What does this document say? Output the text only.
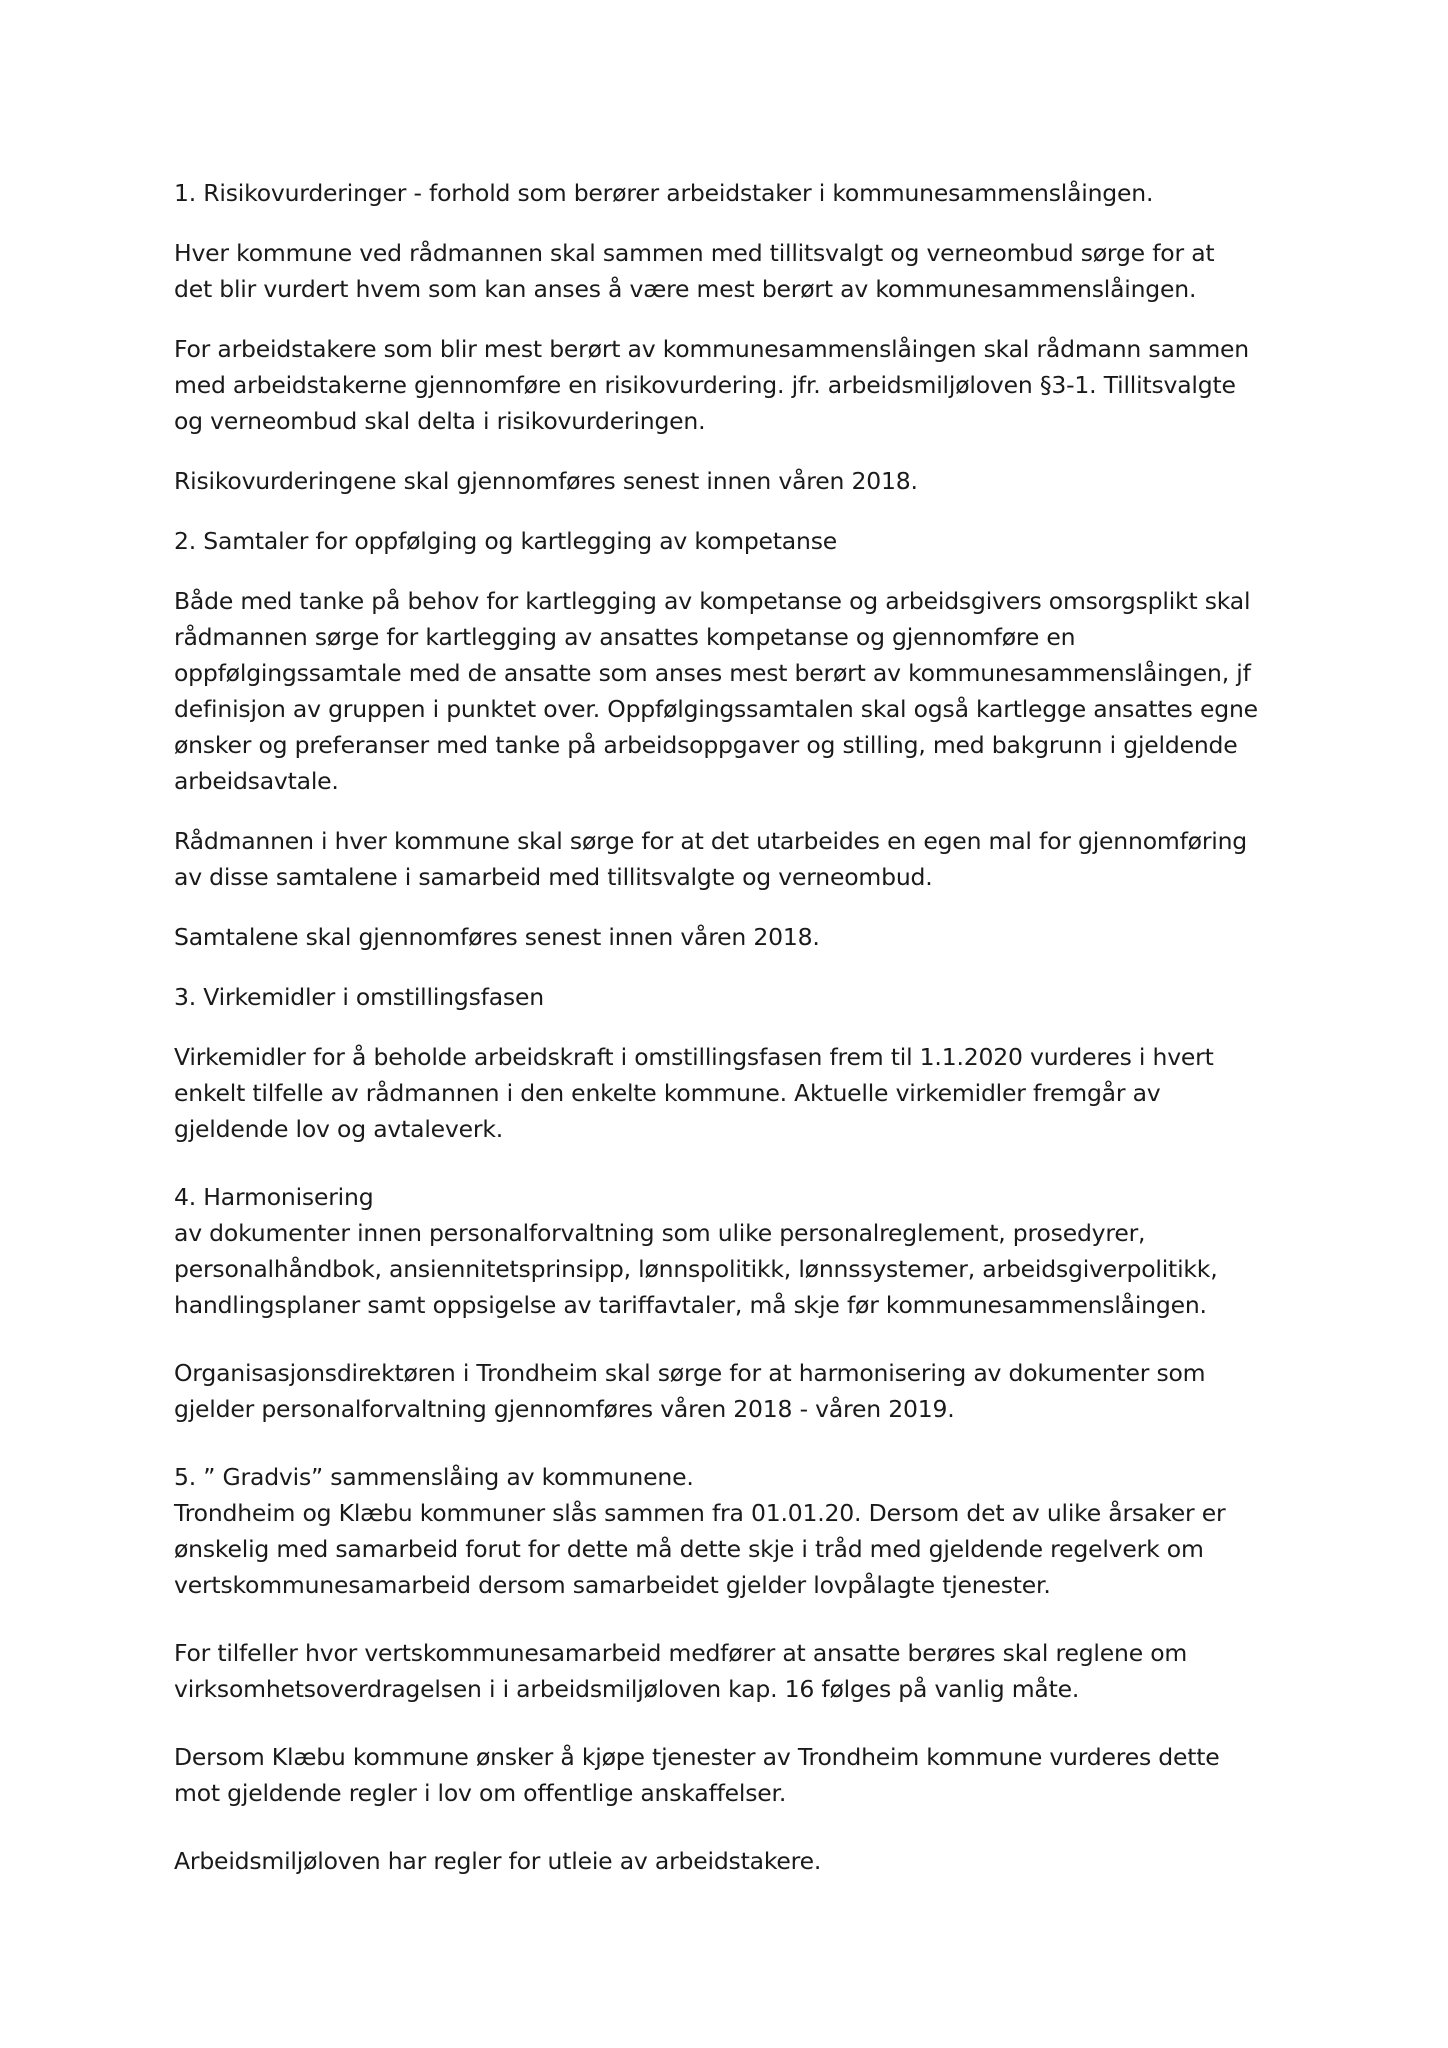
1. Risikovurderinger - forhold som berører arbeidstaker i kommunesammenslåingen.

Hver kommune ved rådmannen skal sammen med tillitsvalgt og verneombud sørge for at
det blir vurdert hvem som kan anses å være mest berørt av kommunesammenslåingen.

For arbeidstakere som blir mest berørt av kommunesammenslåingen skal rådmann sammen
med arbeidstakerne gjennomføre en risikovurdering. jfr. arbeidsmiljøloven §3-1. Tillitsvalgte
og verneombud skal delta i risikovurderingen.

Risikovurderingene skal gjennomføres senest innen våren 2018.

2. Samtaler for oppfølging og kartlegging av kompetanse

Både med tanke på behov for kartlegging av kompetanse og arbeidsgivers omsorgsplikt skal
rådmannen sørge for kartlegging av ansattes kompetanse og gjennomføre en
oppfølgingssamtale med de ansatte som anses mest berørt av kommunesammenslåingen, jf
definisjon av gruppen i punktet over. Oppfølgingssamtalen skal også kartlegge ansattes egne
ønsker og preferanser med tanke på arbeidsoppgaver og stilling, med bakgrunn i gjeldende
arbeidsavtale.

Rådmannen i hver kommune skal sørge for at det utarbeides en egen mal for gjennomføring
av disse samtalene i samarbeid med tillitsvalgte og verneombud.

Samtalene skal gjennomføres senest innen våren 2018.

3. Virkemidler i omstillingsfasen

Virkemidler for å beholde arbeidskraft i omstillingsfasen frem til 1.1.2020 vurderes i hvert
enkelt tilfelle av rådmannen i den enkelte kommune. Aktuelle virkemidler fremgår av
gjeldende lov og avtaleverk.

4. Harmonisering
av dokumenter innen personalforvaltning som ulike personalreglement, prosedyrer,
personalhåndbok, ansiennitetsprinsipp, lønnspolitikk, lønnssystemer, arbeidsgiverpolitikk,
handlingsplaner samt oppsigelse av tariffavtaler, må skje før kommunesammenslåingen.

Organisasjonsdirektøren i Trondheim skal sørge for at harmonisering av dokumenter som
gjelder personalforvaltning gjennomføres våren 2018 - våren 2019.

5. ” Gradvis” sammenslåing av kommunene.
Trondheim og Klæbu kommuner slås sammen fra 01.01.20. Dersom det av ulike årsaker er
ønskelig med samarbeid forut for dette må dette skje i tråd med gjeldende regelverk om
vertskommunesamarbeid dersom samarbeidet gjelder lovpålagte tjenester.

For tilfeller hvor vertskommunesamarbeid medfører at ansatte berøres skal reglene om
virksomhetsoverdragelsen i i arbeidsmiljøloven kap. 16 følges på vanlig måte.

Dersom Klæbu kommune ønsker å kjøpe tjenester av Trondheim kommune vurderes dette
mot gjeldende regler i lov om offentlige anskaffelser.

Arbeidsmiljøloven har regler for utleie av arbeidstakere.
